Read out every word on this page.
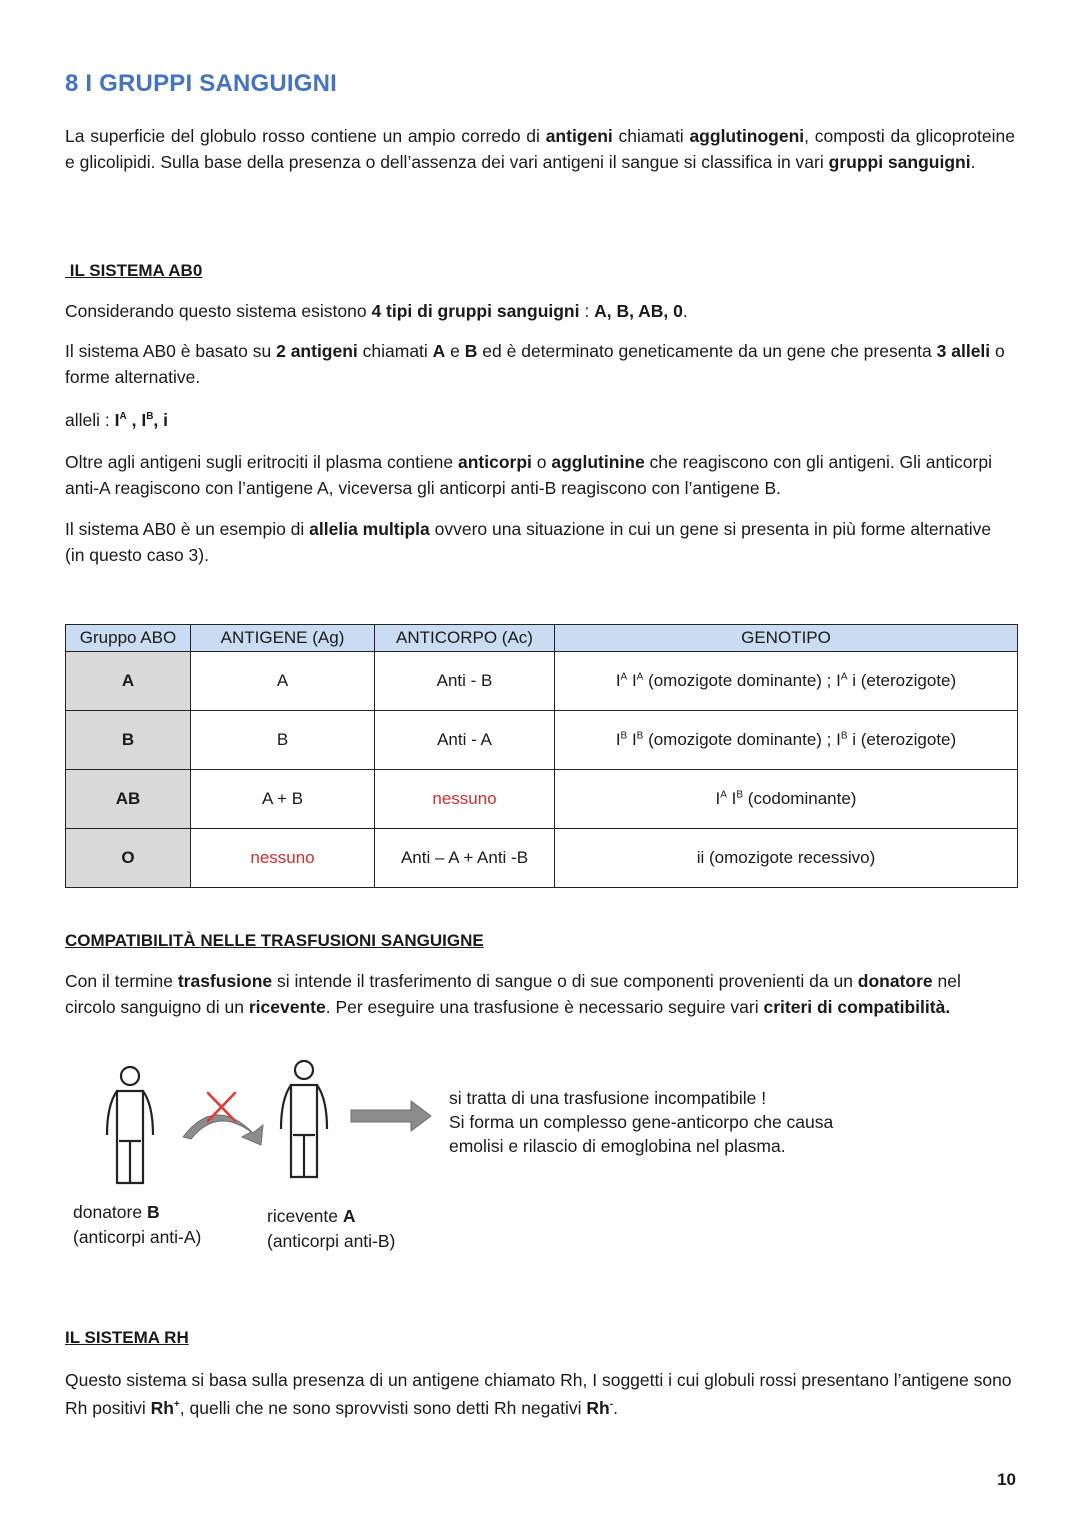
8 I GRUPPI SANGUIGNI
La superficie del globulo rosso contiene un ampio corredo di antigeni chiamati agglutinogeni, composti da glicoproteine e glicolipidi. Sulla base della presenza o dell’assenza dei vari antigeni il sangue si classifica in vari gruppi sanguigni.
IL SISTEMA AB0
Considerando questo sistema esistono 4 tipi di gruppi sanguigni : A, B, AB, 0.
Il sistema AB0 è basato su 2 antigeni chiamati A e B ed è determinato geneticamente da un gene che presenta 3 alleli o forme alternative.
alleli : $I^A$ , $I^B$, i
Oltre agli antigeni sugli eritrociti il plasma contiene anticorpi o agglutinine che reagiscono con gli antigeni. Gli anticorpi anti-A reagiscono con l’antigene A, viceversa gli anticorpi anti-B reagiscono con l’antigene B.
Il sistema AB0 è un esempio di allelia multipla ovvero una situazione in cui un gene si presenta in più forme alternative (in questo caso 3).
Gruppo ABO	ANTIGENE (Ag)	ANTICORPO (Ac)	GENOTIPO
A	A	Anti - B	$I^A$ $I^A$ (omozigote dominante) ; $I^A$ i (eterozigote)
B	B	Anti - A	$I^B$ $I^B$ (omozigote dominante) ; $I^B$ i (eterozigote)
AB	A + B	nessuno	$I^A$ $I^B$ (codominante)
O	nessuno	Anti – A + Anti -B	ii (omozigote recessivo)
COMPATIBILITÀ NELLE TRASFUSIONI SANGUIGNE
Con il termine trasfusione si intende il trasferimento di sangue o di sue componenti provenienti da un donatore nel circolo sanguigno di un ricevente. Per eseguire una trasfusione è necessario seguire vari criteri di compatibilità.
si tratta di una trasfusione incompatibile !
Si forma un complesso gene-anticorpo che causa
emolisi e rilascio di emoglobina nel plasma.
donatore B
(anticorpi anti-A)
ricevente A
(anticorpi anti-B)
IL SISTEMA RH
Questo sistema si basa sulla presenza di un antigene chiamato Rh, I soggetti i cui globuli rossi presentano l’antigene sono Rh positivi Rh+, quelli che ne sono sprovvisti sono detti Rh negativi Rh-.
10
